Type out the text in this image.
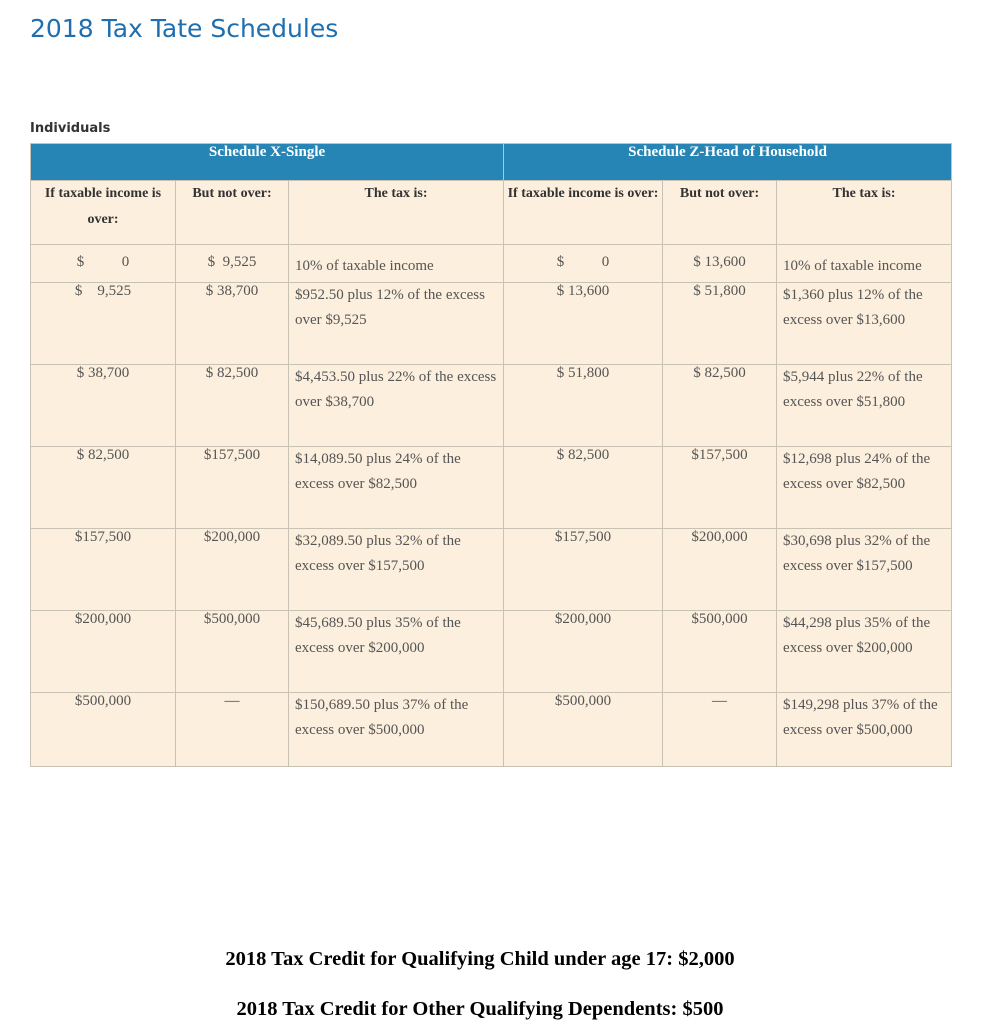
2018 Tax Tate Schedules
Individuals
Schedule X-Single			Schedule Z-Head of Household		
If taxable income is over:	But not over:	The tax is:	If taxable income is over:	But not over:	The tax is:
$          0	$  9,525	10% of taxable income	$          0	$ 13,600	10% of taxable income
$    9,525	$ 38,700	$952.50 plus 12% of the excess over $9,525	$ 13,600	$ 51,800	$1,360 plus 12% of the excess over $13,600
$ 38,700	$ 82,500	$4,453.50 plus 22% of the excess over $38,700	$ 51,800	$ 82,500	$5,944 plus 22% of the excess over $51,800
$ 82,500	$157,500	$14,089.50 plus 24% of the excess over $82,500	$ 82,500	$157,500	$12,698 plus 24% of the excess over $82,500
$157,500	$200,000	$32,089.50 plus 32% of the excess over $157,500	$157,500	$200,000	$30,698 plus 32% of the excess over $157,500
$200,000	$500,000	$45,689.50 plus 35% of the excess over $200,000	$200,000	$500,000	$44,298 plus 35% of the excess over $200,000
$500,000	—	$150,689.50 plus 37% of the excess over $500,000	$500,000	—	$149,298 plus 37% of the excess over $500,000
2018 Tax Credit for Qualifying Child under age 17: $2,000
2018 Tax Credit for Other Qualifying Dependents: $500
